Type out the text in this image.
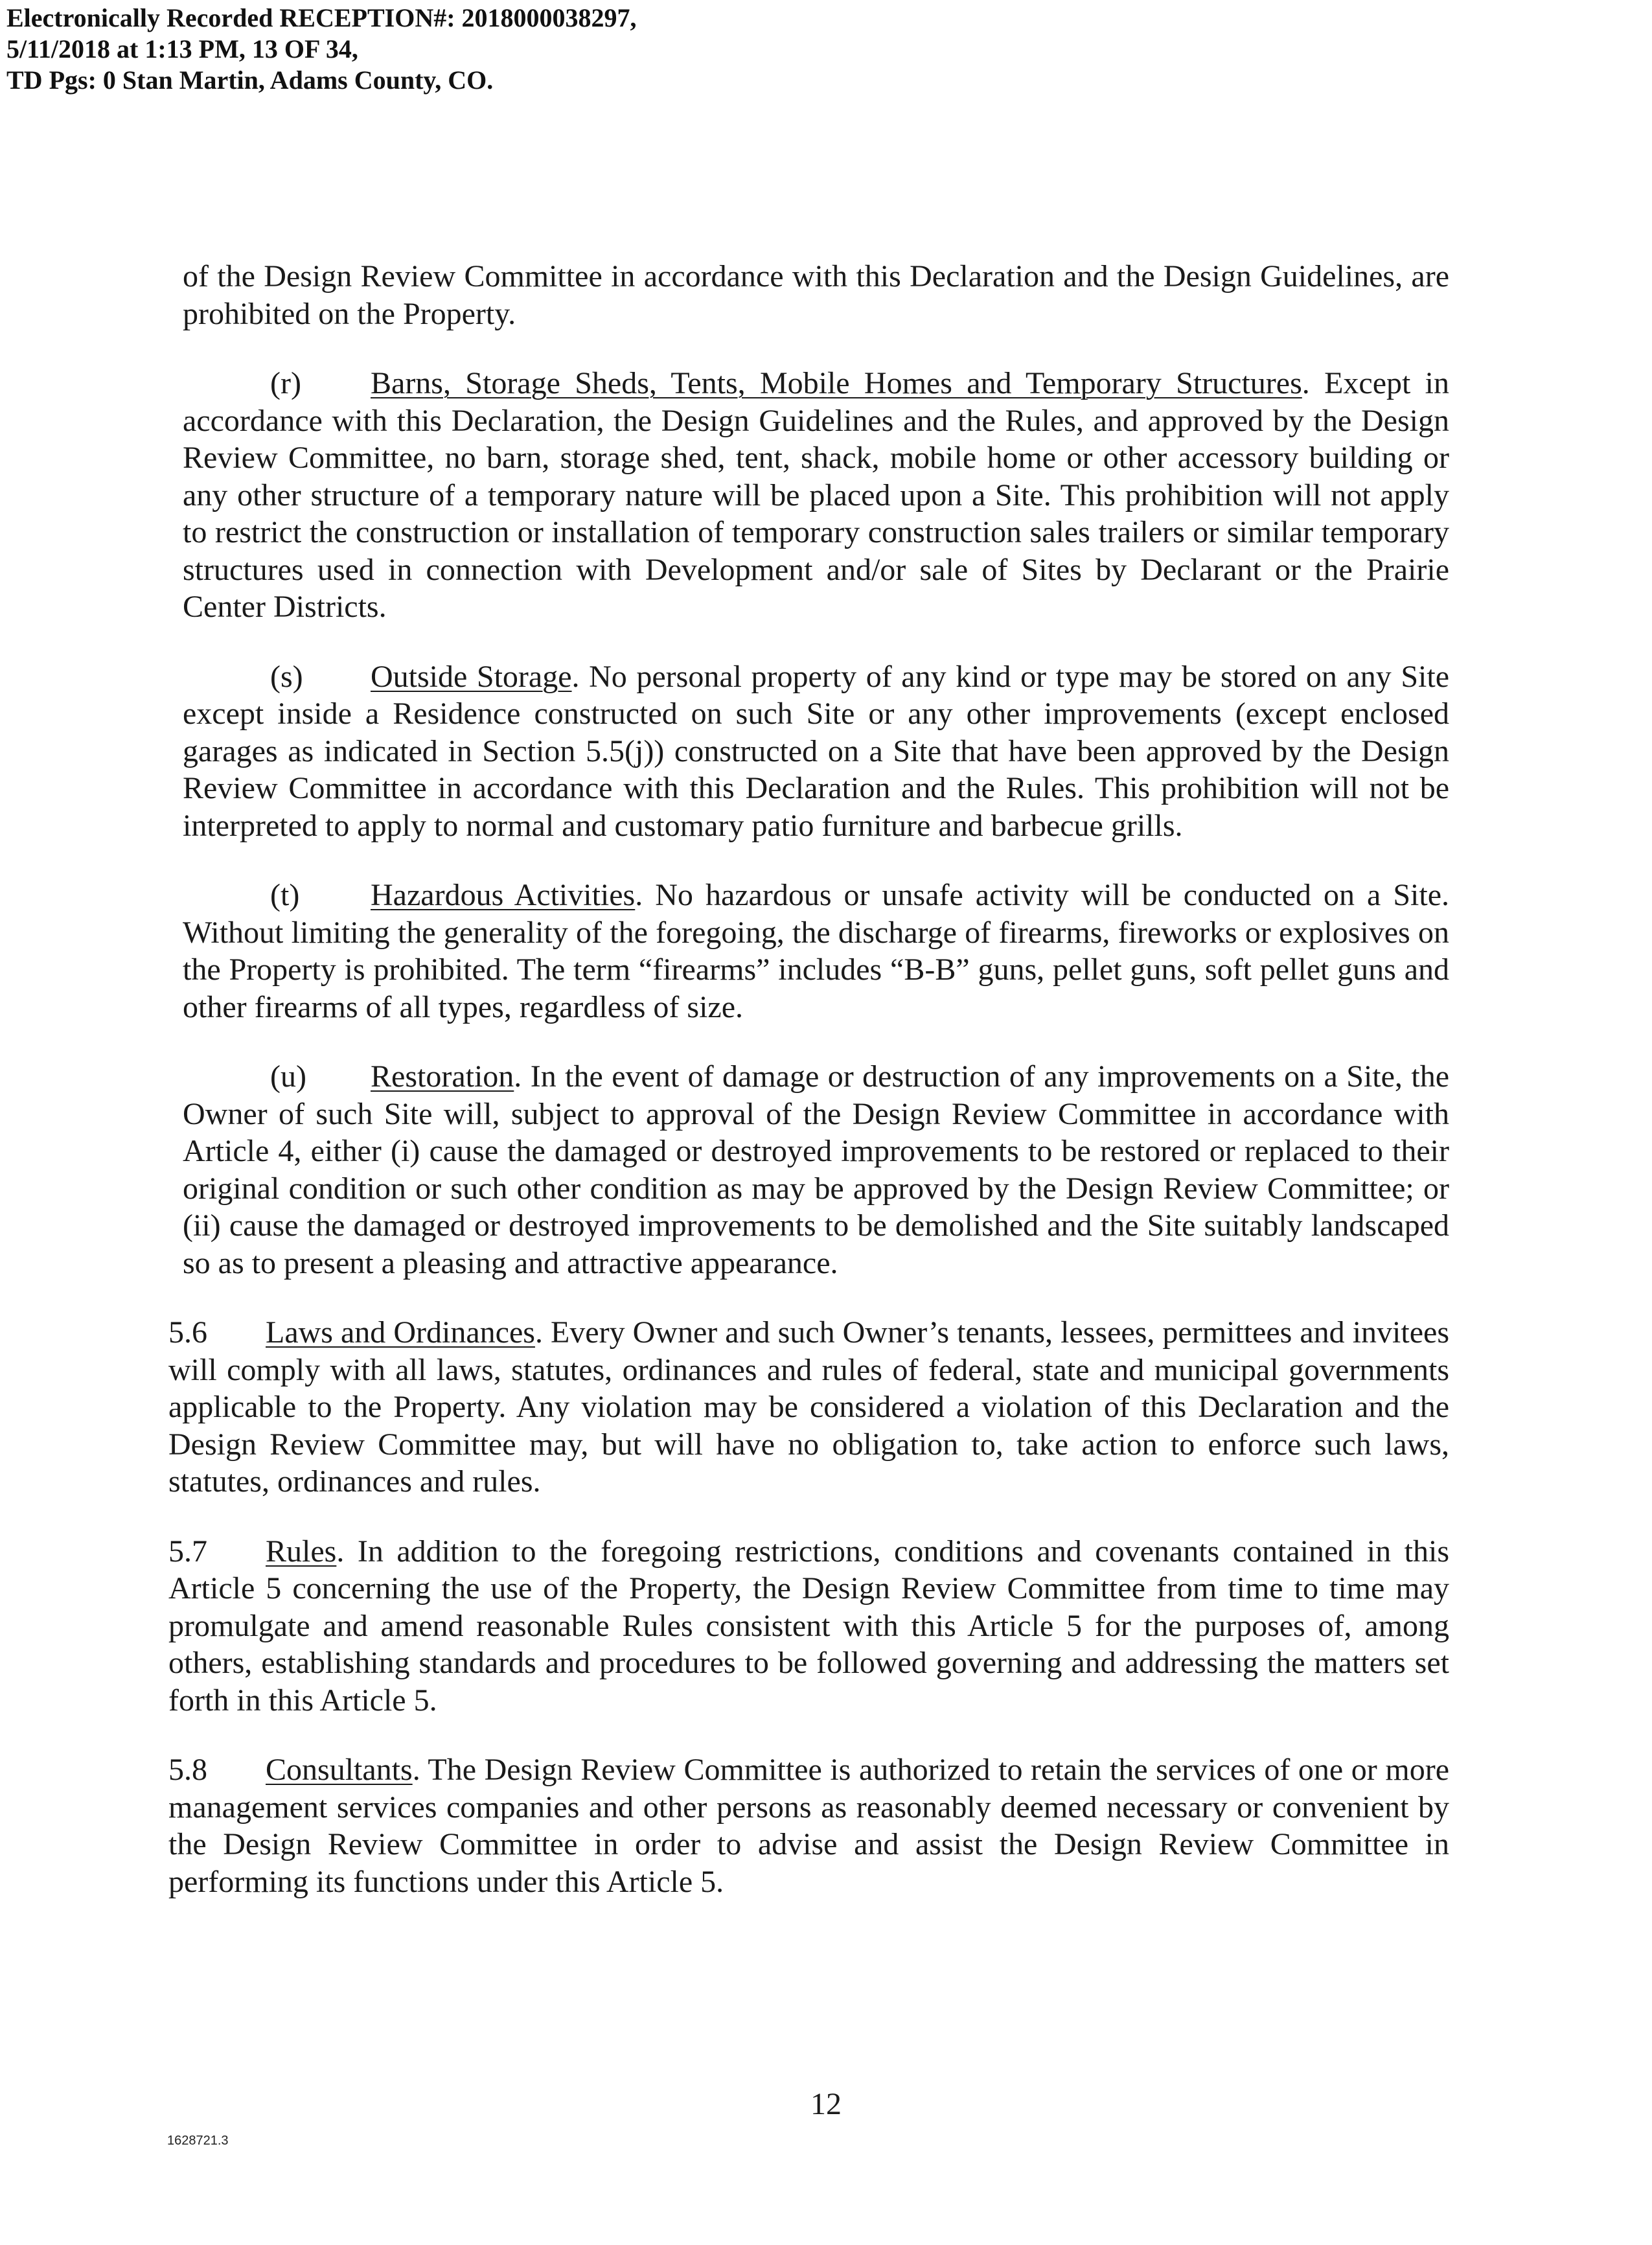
Electronically Recorded RECEPTION#: 2018000038297,
5/11/2018 at 1:13 PM, 13 OF 34,
TD Pgs: 0 Stan Martin, Adams County, CO.

of the Design Review Committee in accordance with this Declaration and the Design Guidelines, are prohibited on the Property.

(r) Barns, Storage Sheds, Tents, Mobile Homes and Temporary Structures. Except in accordance with this Declaration, the Design Guidelines and the Rules, and approved by the Design Review Committee, no barn, storage shed, tent, shack, mobile home or other accessory building or any other structure of a temporary nature will be placed upon a Site. This prohibition will not apply to restrict the construction or installation of temporary construction sales trailers or similar temporary structures used in connection with Development and/or sale of Sites by Declarant or the Prairie Center Districts.

(s) Outside Storage. No personal property of any kind or type may be stored on any Site except inside a Residence constructed on such Site or any other improvements (except enclosed garages as indicated in Section 5.5(j)) constructed on a Site that have been approved by the Design Review Committee in accordance with this Declaration and the Rules. This prohibition will not be interpreted to apply to normal and customary patio furniture and barbecue grills.

(t) Hazardous Activities. No hazardous or unsafe activity will be conducted on a Site. Without limiting the generality of the foregoing, the discharge of firearms, fireworks or explosives on the Property is prohibited. The term “firearms” includes “B-B” guns, pellet guns, soft pellet guns and other firearms of all types, regardless of size.

(u) Restoration. In the event of damage or destruction of any improvements on a Site, the Owner of such Site will, subject to approval of the Design Review Committee in accordance with Article 4, either (i) cause the damaged or destroyed improvements to be restored or replaced to their original condition or such other condition as may be approved by the Design Review Committee; or (ii) cause the damaged or destroyed improvements to be demolished and the Site suitably landscaped so as to present a pleasing and attractive appearance.

5.6 Laws and Ordinances. Every Owner and such Owner’s tenants, lessees, permittees and invitees will comply with all laws, statutes, ordinances and rules of federal, state and municipal governments applicable to the Property. Any violation may be considered a violation of this Declaration and the Design Review Committee may, but will have no obligation to, take action to enforce such laws, statutes, ordinances and rules.

5.7 Rules. In addition to the foregoing restrictions, conditions and covenants contained in this Article 5 concerning the use of the Property, the Design Review Committee from time to time may promulgate and amend reasonable Rules consistent with this Article 5 for the purposes of, among others, establishing standards and procedures to be followed governing and addressing the matters set forth in this Article 5.

5.8 Consultants. The Design Review Committee is authorized to retain the services of one or more management services companies and other persons as reasonably deemed necessary or convenient by the Design Review Committee in order to advise and assist the Design Review Committee in performing its functions under this Article 5.

12
1628721.3
